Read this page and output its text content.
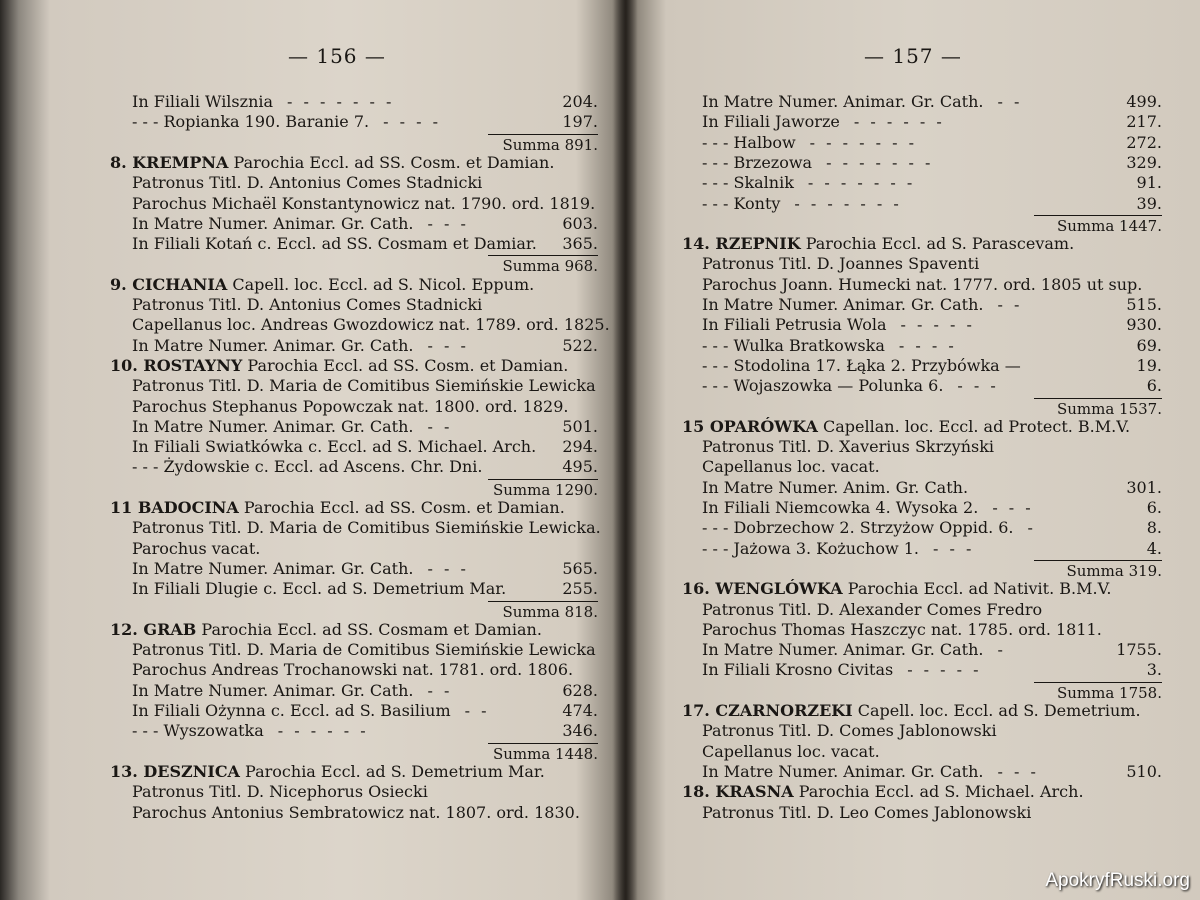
— 156 —
In Filiali Wilsznia - - - - - - -	204.
- - - Ropianka 190. Baranie 7. - - - -	197.
Summa 891.
8. KREMPNA Parochia Eccl. ad SS. Cosm. et Damian.
Patronus Titl. D. Antonius Comes Stadnicki
Parochus Michaël Konstantynowicz nat. 1790. ord. 1819.
In Matre Numer. Animar. Gr. Cath. - - -	603.
In Filiali Kotań c. Eccl. ad SS. Cosmam et Damiar. 365.
Summa 968.
9. CICHANIA Capell. loc. Eccl. ad S. Nicol. Eppum.
Patronus Titl. D. Antonius Comes Stadnicki
Capellanus loc. Andreas Gwozdowicz nat. 1789. ord. 1825.
In Matre Numer. Animar. Gr. Cath. - - -	522.
10. ROSTAYNY Parochia Eccl. ad SS. Cosm. et Damian.
Patronus Titl. D. Maria de Comitibus Siemińskie Lewicka
Parochus Stephanus Popowczak nat. 1800. ord. 1829.
In Matre Numer. Animar. Gr. Cath. - -	501.
In Filiali Swiatkówka c. Eccl. ad S. Michael. Arch. 294.
- - - Żydowskie c. Eccl. ad Ascens. Chr. Dni.	495.
Summa 1290.
11 BADOCINA Parochia Eccl. ad SS. Cosm. et Damian.
Patronus Titl. D. Maria de Comitibus Siemińskie Lewicka.
Parochus vacat.
In Matre Numer. Animar. Gr. Cath. - - -	565.
In Filiali Dlugie c. Eccl. ad S. Demetrium Mar.	255.
Summa 818.
12. GRAB Parochia Eccl. ad SS. Cosmam et Damian.
Patronus Titl. D. Maria de Comitibus Siemińskie Lewicka
Parochus Andreas Trochanowski nat. 1781. ord. 1806.
In Matre Numer. Animar. Gr. Cath. - -	628.
In Filiali Ożynna c. Eccl. ad S. Basilium - -	474.
- - - Wyszowatka - - - - - -	346.
Summa 1448.
13. DESZNICA Parochia Eccl. ad S. Demetrium Mar.
Patronus Titl. D. Nicephorus Osiecki
Parochus Antonius Sembratowicz nat. 1807. ord. 1830.
— 157 —
In Matre Numer. Animar. Gr. Cath. - -	499.
In Filiali Jaworze - - - - - -	217.
- - - Halbow - - - - - - -	272.
- - - Brzezowa - - - - - - -	329.
- - - Skalnik - - - - - - -	91.
- - - Konty - - - - - - -	39.
Summa 1447.
14. RZEPNIK Parochia Eccl. ad S. Parascevam.
Patronus Titl. D. Joannes Spaventi
Parochus Joann. Humecki nat. 1777. ord. 1805 ut sup.
In Matre Numer. Animar. Gr. Cath. - -	515.
In Filiali Petrusia Wola - - - - -	930.
- - - Wulka Bratkowska - - - -	69.
- - - Stodolina 17. Łąka 2. Przybówka —	19.
- - - Wojaszowka — Polunka 6. - - -	6.
Summa 1537.
15 OPARÓWKA Capellan. loc. Eccl. ad Protect. B.M.V.
Patronus Titl. D. Xaverius Skrzyński
Capellanus loc. vacat.
In Matre Numer. Anim. Gr. Cath.	301.
In Filiali Niemcowka 4. Wysoka 2. - - -	6.
- - - Dobrzechow 2. Strzyżow Oppid. 6. -	8.
- - - Jażowa 3. Kożuchow 1. - - -	4.
Summa 319.
16. WENGLÓWKA Parochia Eccl. ad Nativit. B.M.V.
Patronus Titl. D. Alexander Comes Fredro
Parochus Thomas Haszczyc nat. 1785. ord. 1811.
In Matre Numer. Animar. Gr. Cath. -	1755.
In Filiali Krosno Civitas - - - - -	3.
Summa 1758.
17. CZARNORZEKI Capell. loc. Eccl. ad S. Demetrium.
Patronus Titl. D. Comes Jablonowski
Capellanus loc. vacat.
In Matre Numer. Animar. Gr. Cath. - - -	510.
18. KRASNA Parochia Eccl. ad S. Michael. Arch.
Patronus Titl. D. Leo Comes Jablonowski
ApokryfRuski.org
